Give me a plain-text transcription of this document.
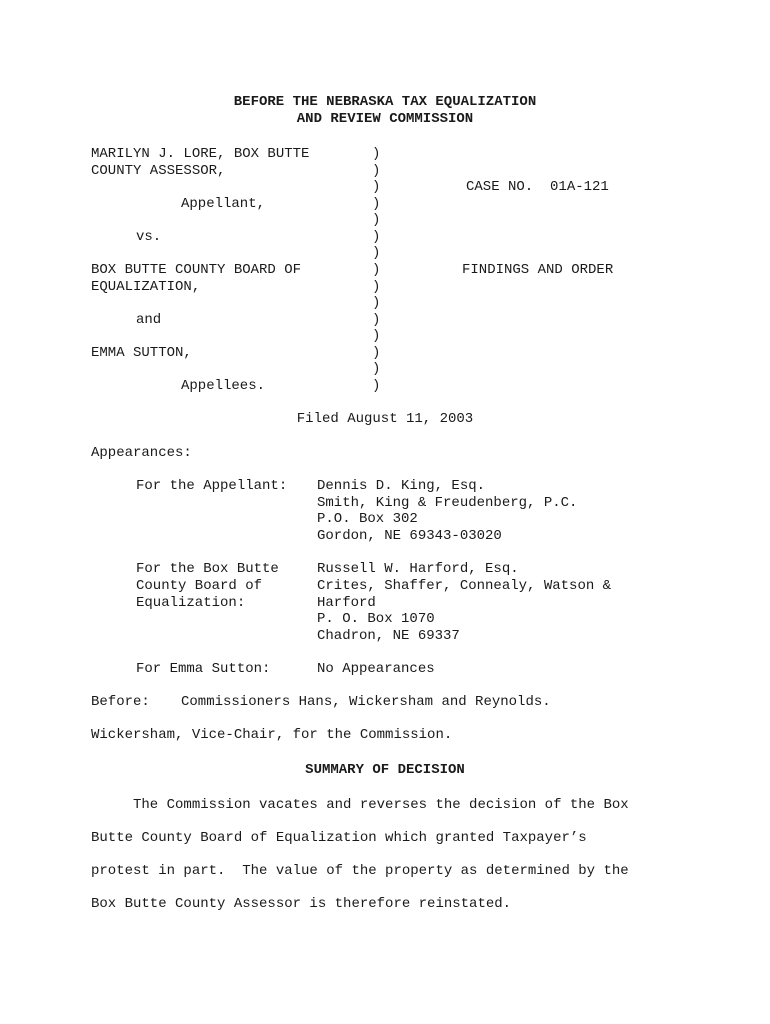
BEFORE THE NEBRASKA TAX EQUALIZATION
AND REVIEW COMMISSION
MARILYN J. LORE, BOX BUTTE
COUNTY ASSESSOR,
Appellant,
vs.
BOX BUTTE COUNTY BOARD OF
EQUALIZATION,
and
EMMA SUTTON,
Appellees.
)
)
)
)
)
)
)
)
)
)
)
)
)
)
)
CASE NO.  01A-121
FINDINGS AND ORDER
Filed August 11, 2003
Appearances:
For the Appellant: Dennis D. King, Esq.
Smith, King & Freudenberg, P.C.
P.O. Box 302
Gordon, NE 69343-03020
For the Box Butte
County Board of
Equalization:
Russell W. Harford, Esq.
Crites, Shaffer, Connealy, Watson &
Harford
P. O. Box 1070
Chadron, NE 69337
For Emma Sutton:	No Appearances
Before: Commissioners Hans, Wickersham and Reynolds.
Wickersham, Vice-Chair, for the Commission.
SUMMARY OF DECISION
The Commission vacates and reverses the decision of the Box
Butte County Board of Equalization which granted Taxpayer’s
protest in part.  The value of the property as determined by the
Box Butte County Assessor is therefore reinstated.
